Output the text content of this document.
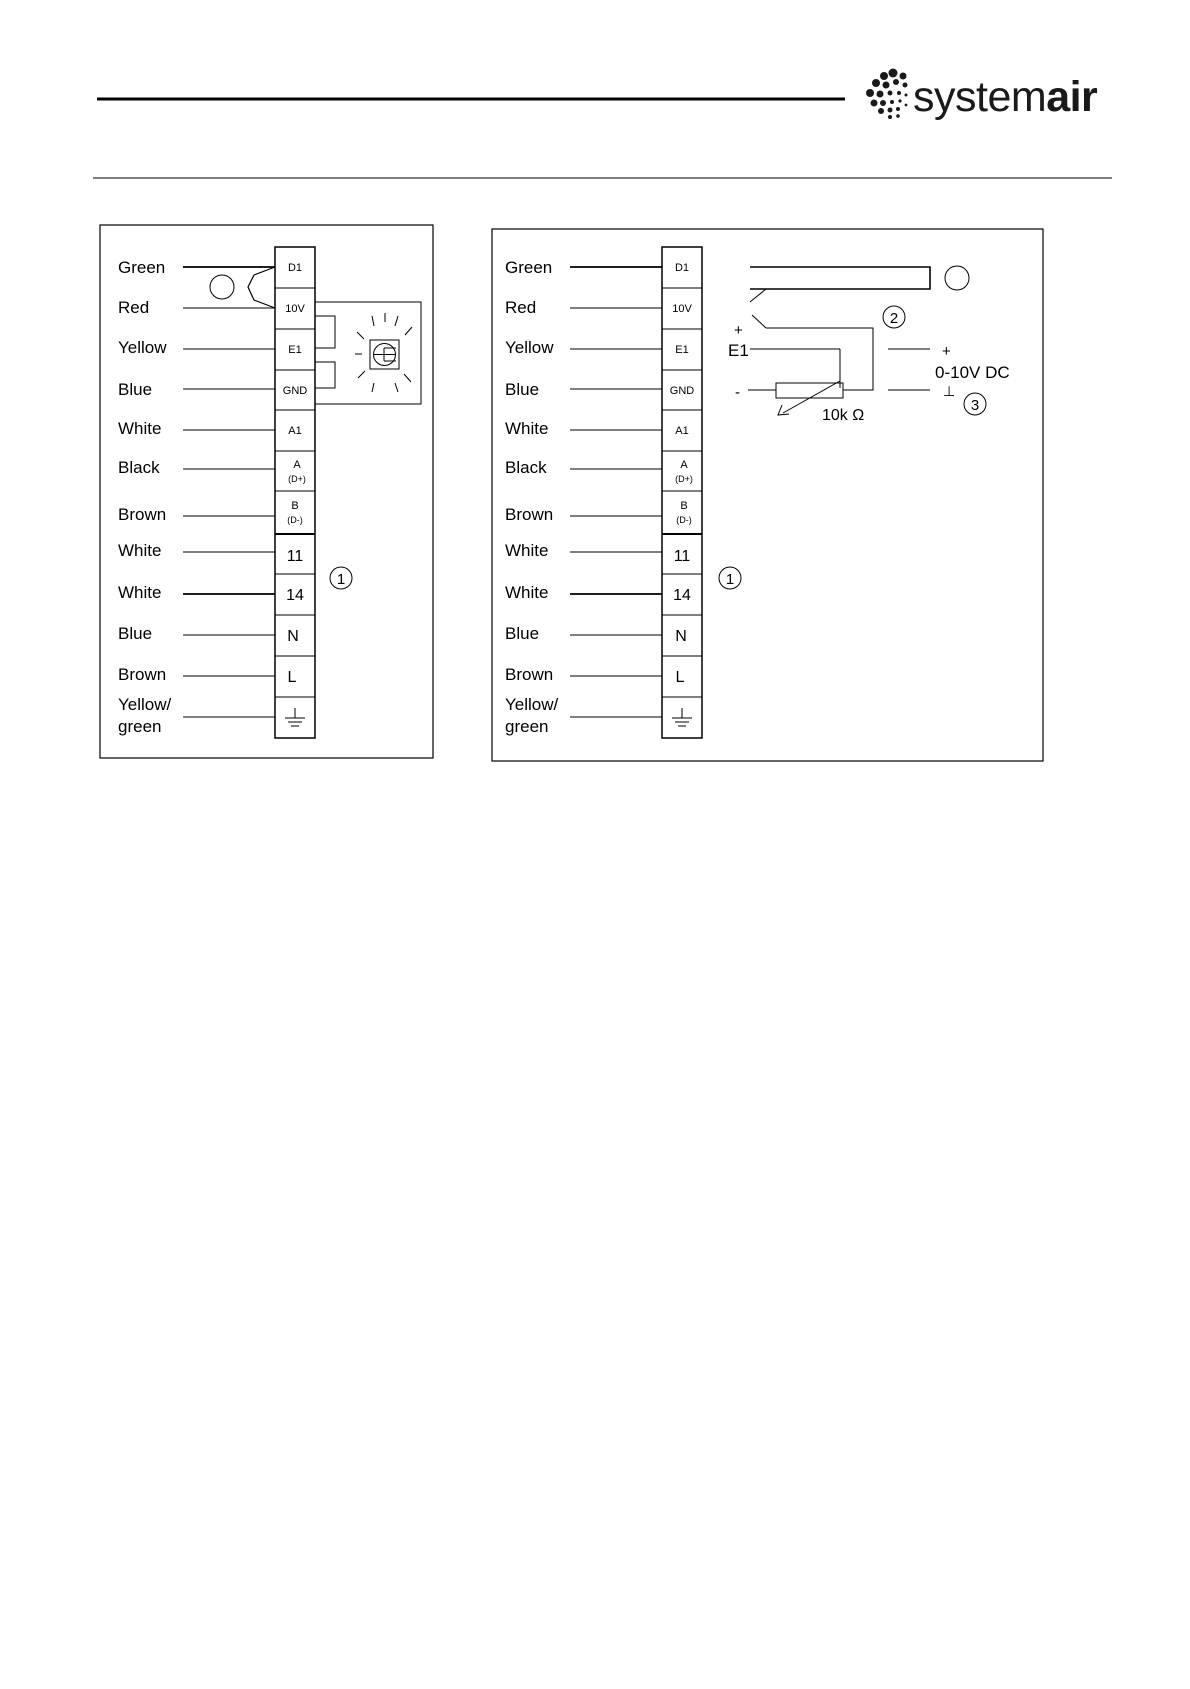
systemair
Green
Red
Yellow
Blue
White
Black
Brown
White
White
Blue
Brown
Yellow/
green
D1
10V
E1
GND
A1
A
(D+)
B
(D-)
11
14
N
L
1
Green
Red
Yellow
Blue
White
Black
Brown
White
White
Blue
Brown
Yellow/
green
D1
10V
E1
GND
A1
A
(D+)
B
(D-)
11
14
N
L
+
E1
-
10k Ω
+
0-10V DC
⊥
2
3
1
